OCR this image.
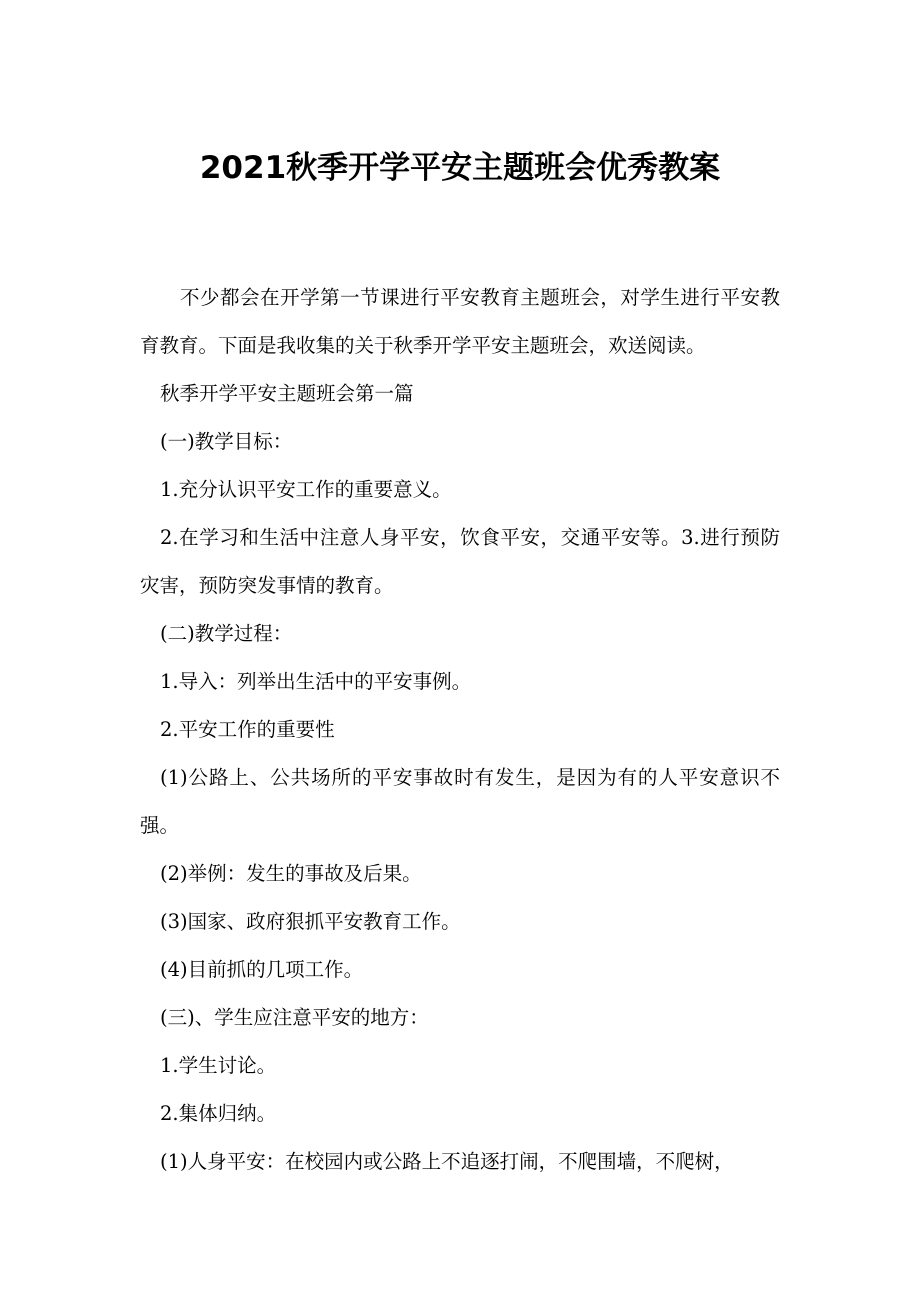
2021秋季开学平安主题班会优秀教案

不少都会在开学第一节课进行平安教育主题班会，对学生进行平安教育教育。下面是我收集的关于秋季开学平安主题班会，欢送阅读。

秋季开学平安主题班会第一篇

(一)教学目标：

1.充分认识平安工作的重要意义。

2.在学习和生活中注意人身平安，饮食平安，交通平安等。3.进行预防灾害，预防突发事情的教育。

(二)教学过程：

1.导入：列举出生活中的平安事例。

2.平安工作的重要性

(1)公路上、公共场所的平安事故时有发生，是因为有的人平安意识不强。

(2)举例：发生的事故及后果。

(3)国家、政府狠抓平安教育工作。

(4)目前抓的几项工作。

(三)、学生应注意平安的地方：

1.学生讨论。

2.集体归纳。

(1)人身平安：在校园内或公路上不追逐打闹，不爬围墙，不爬树，
